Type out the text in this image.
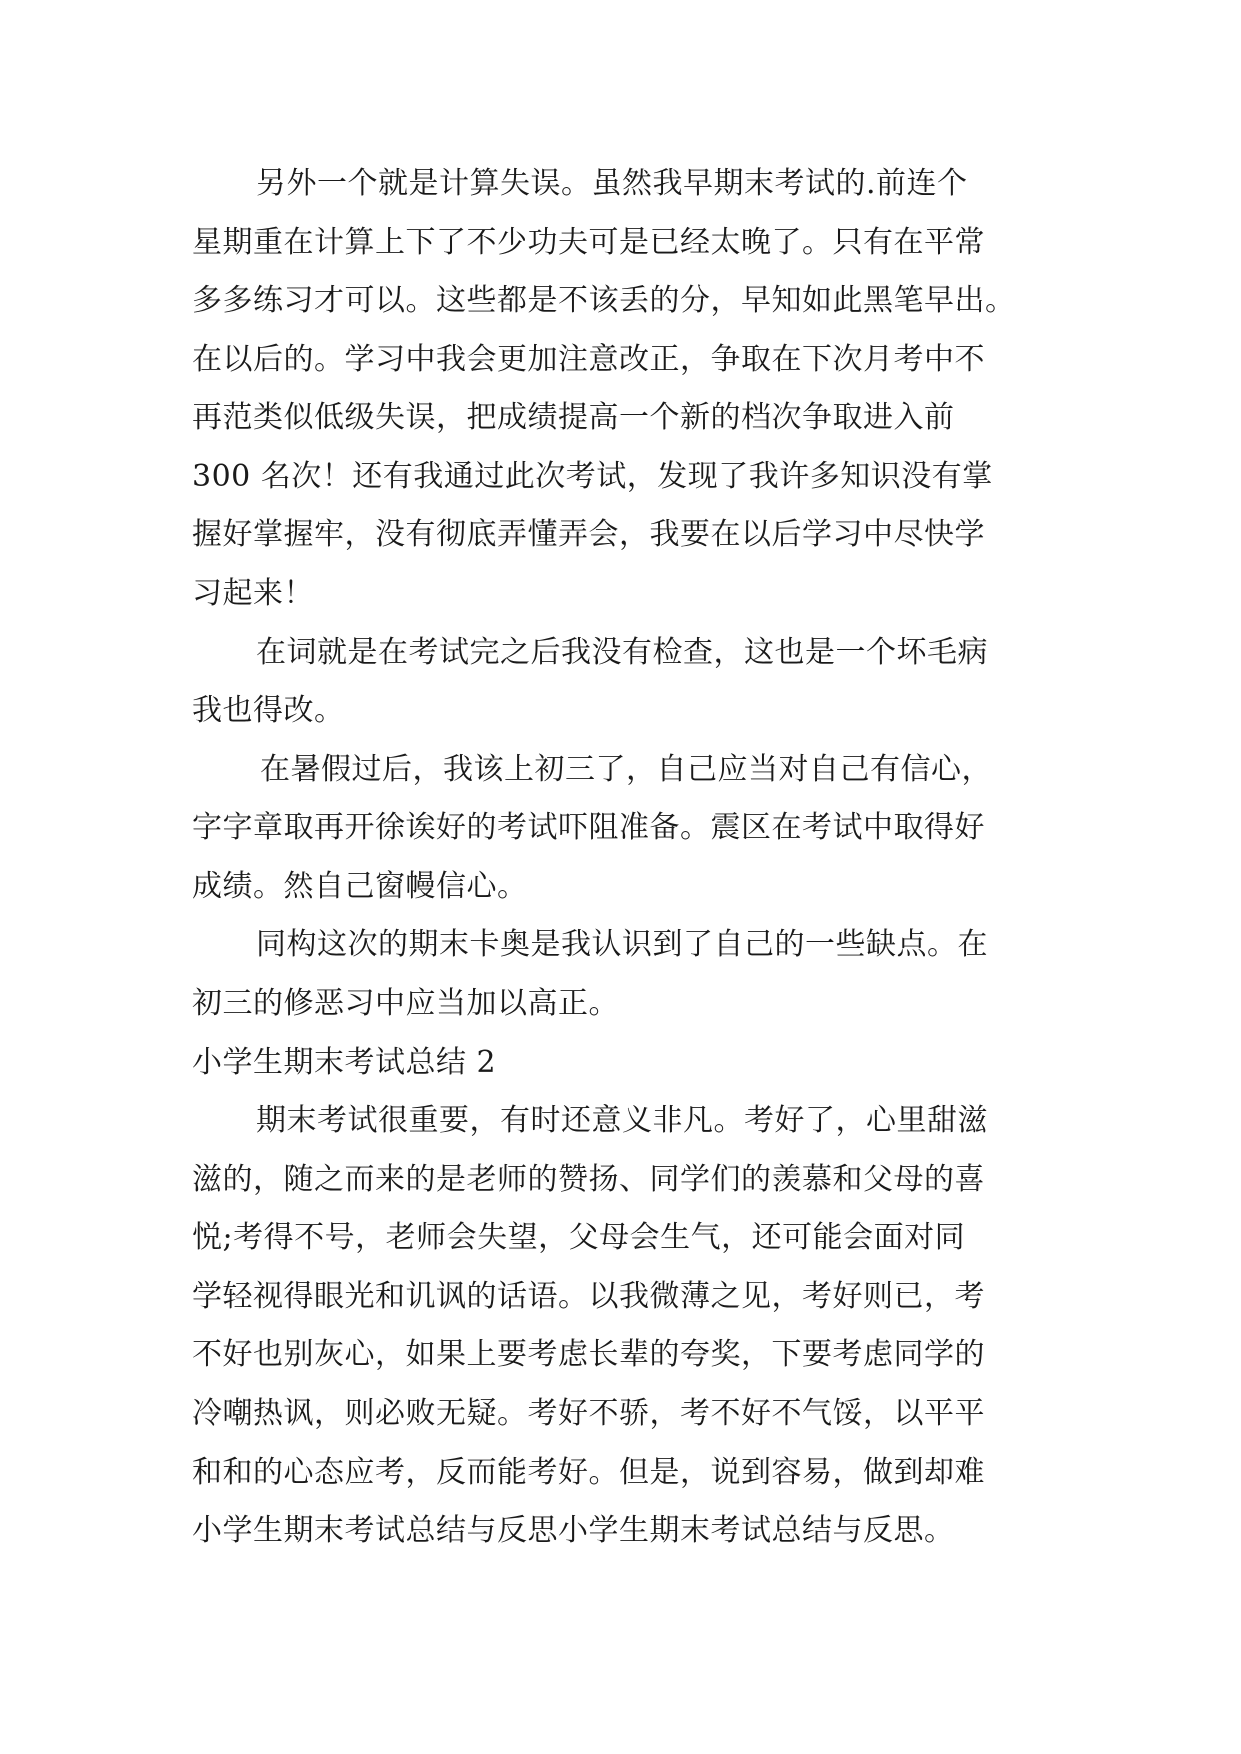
另外一个就是计算失误。虽然我早期末考试的.前连个

星期重在计算上下了不少功夫可是已经太晚了。只有在平常

多多练习才可以。这些都是不该丢的分，早知如此黑笔早出。

在以后的。学习中我会更加注意改正，争取在下次月考中不

再范类似低级失误，把成绩提高一个新的档次争取进入前

300 名次！还有我通过此次考试，发现了我许多知识没有掌

握好掌握牢，没有彻底弄懂弄会，我要在以后学习中尽快学

习起来！

在词就是在考试完之后我没有检查，这也是一个坏毛病

我也得改。

在暑假过后，我该上初三了，自己应当对自己有信心，

字字章取再开徐诶好的考试吓阻准备。震区在考试中取得好

成绩。然自己窗幔信心。

同构这次的期末卡奥是我认识到了自己的一些缺点。在

初三的修恶习中应当加以高正。

小学生期末考试总结 2

期末考试很重要，有时还意义非凡。考好了，心里甜滋

滋的，随之而来的是老师的赞扬、同学们的羡慕和父母的喜

悦;考得不号，老师会失望，父母会生气，还可能会面对同

学轻视得眼光和讥讽的话语。以我微薄之见，考好则已，考

不好也别灰心，如果上要考虑长辈的夸奖，下要考虑同学的

冷嘲热讽，则必败无疑。考好不骄，考不好不气馁，以平平

和和的心态应考，反而能考好。但是，说到容易，做到却难

小学生期末考试总结与反思小学生期末考试总结与反思。
